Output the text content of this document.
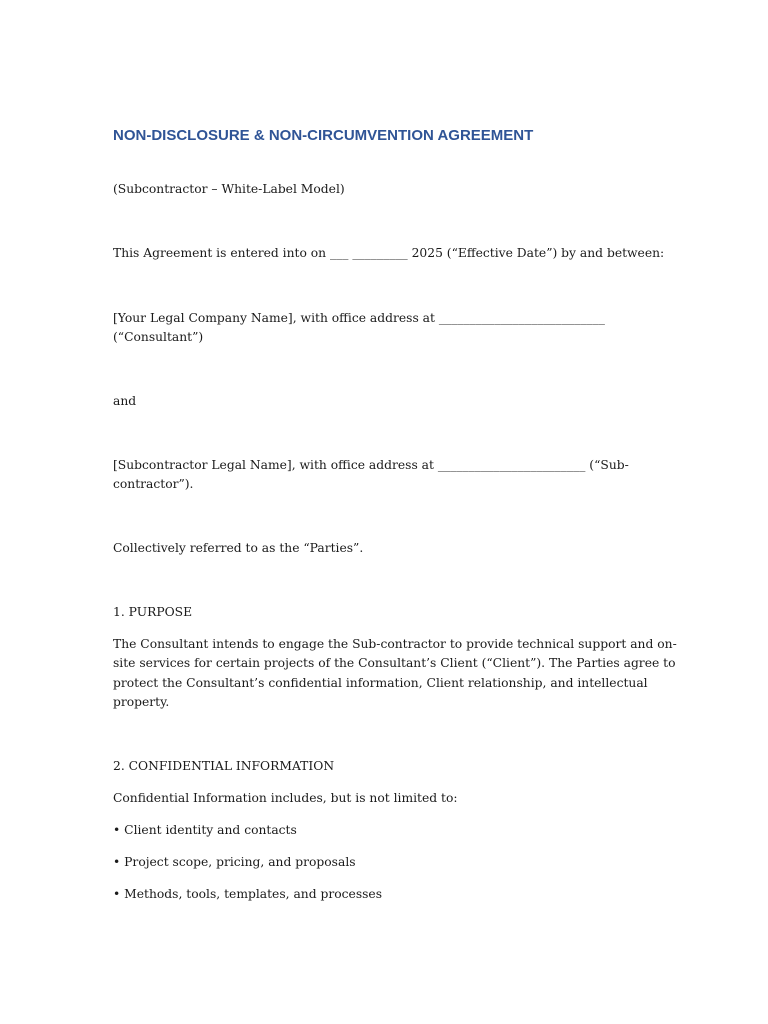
NON-DISCLOSURE & NON-CIRCUMVENTION AGREEMENT
(Subcontractor – White-Label Model)
This Agreement is entered into on ___ _________ 2025 (“Effective Date”) by and between:
[Your Legal Company Name], with office address at ___________________________
(“Consultant”)
and
[Subcontractor Legal Name], with office address at ________________________ (“Sub-
contractor”).
Collectively referred to as the “Parties”.
1. PURPOSE
The Consultant intends to engage the Sub-contractor to provide technical support and on-
site services for certain projects of the Consultant’s Client (“Client”). The Parties agree to
protect the Consultant’s confidential information, Client relationship, and intellectual
property.
2. CONFIDENTIAL INFORMATION
Confidential Information includes, but is not limited to:
• Client identity and contacts
• Project scope, pricing, and proposals
• Methods, tools, templates, and processes
